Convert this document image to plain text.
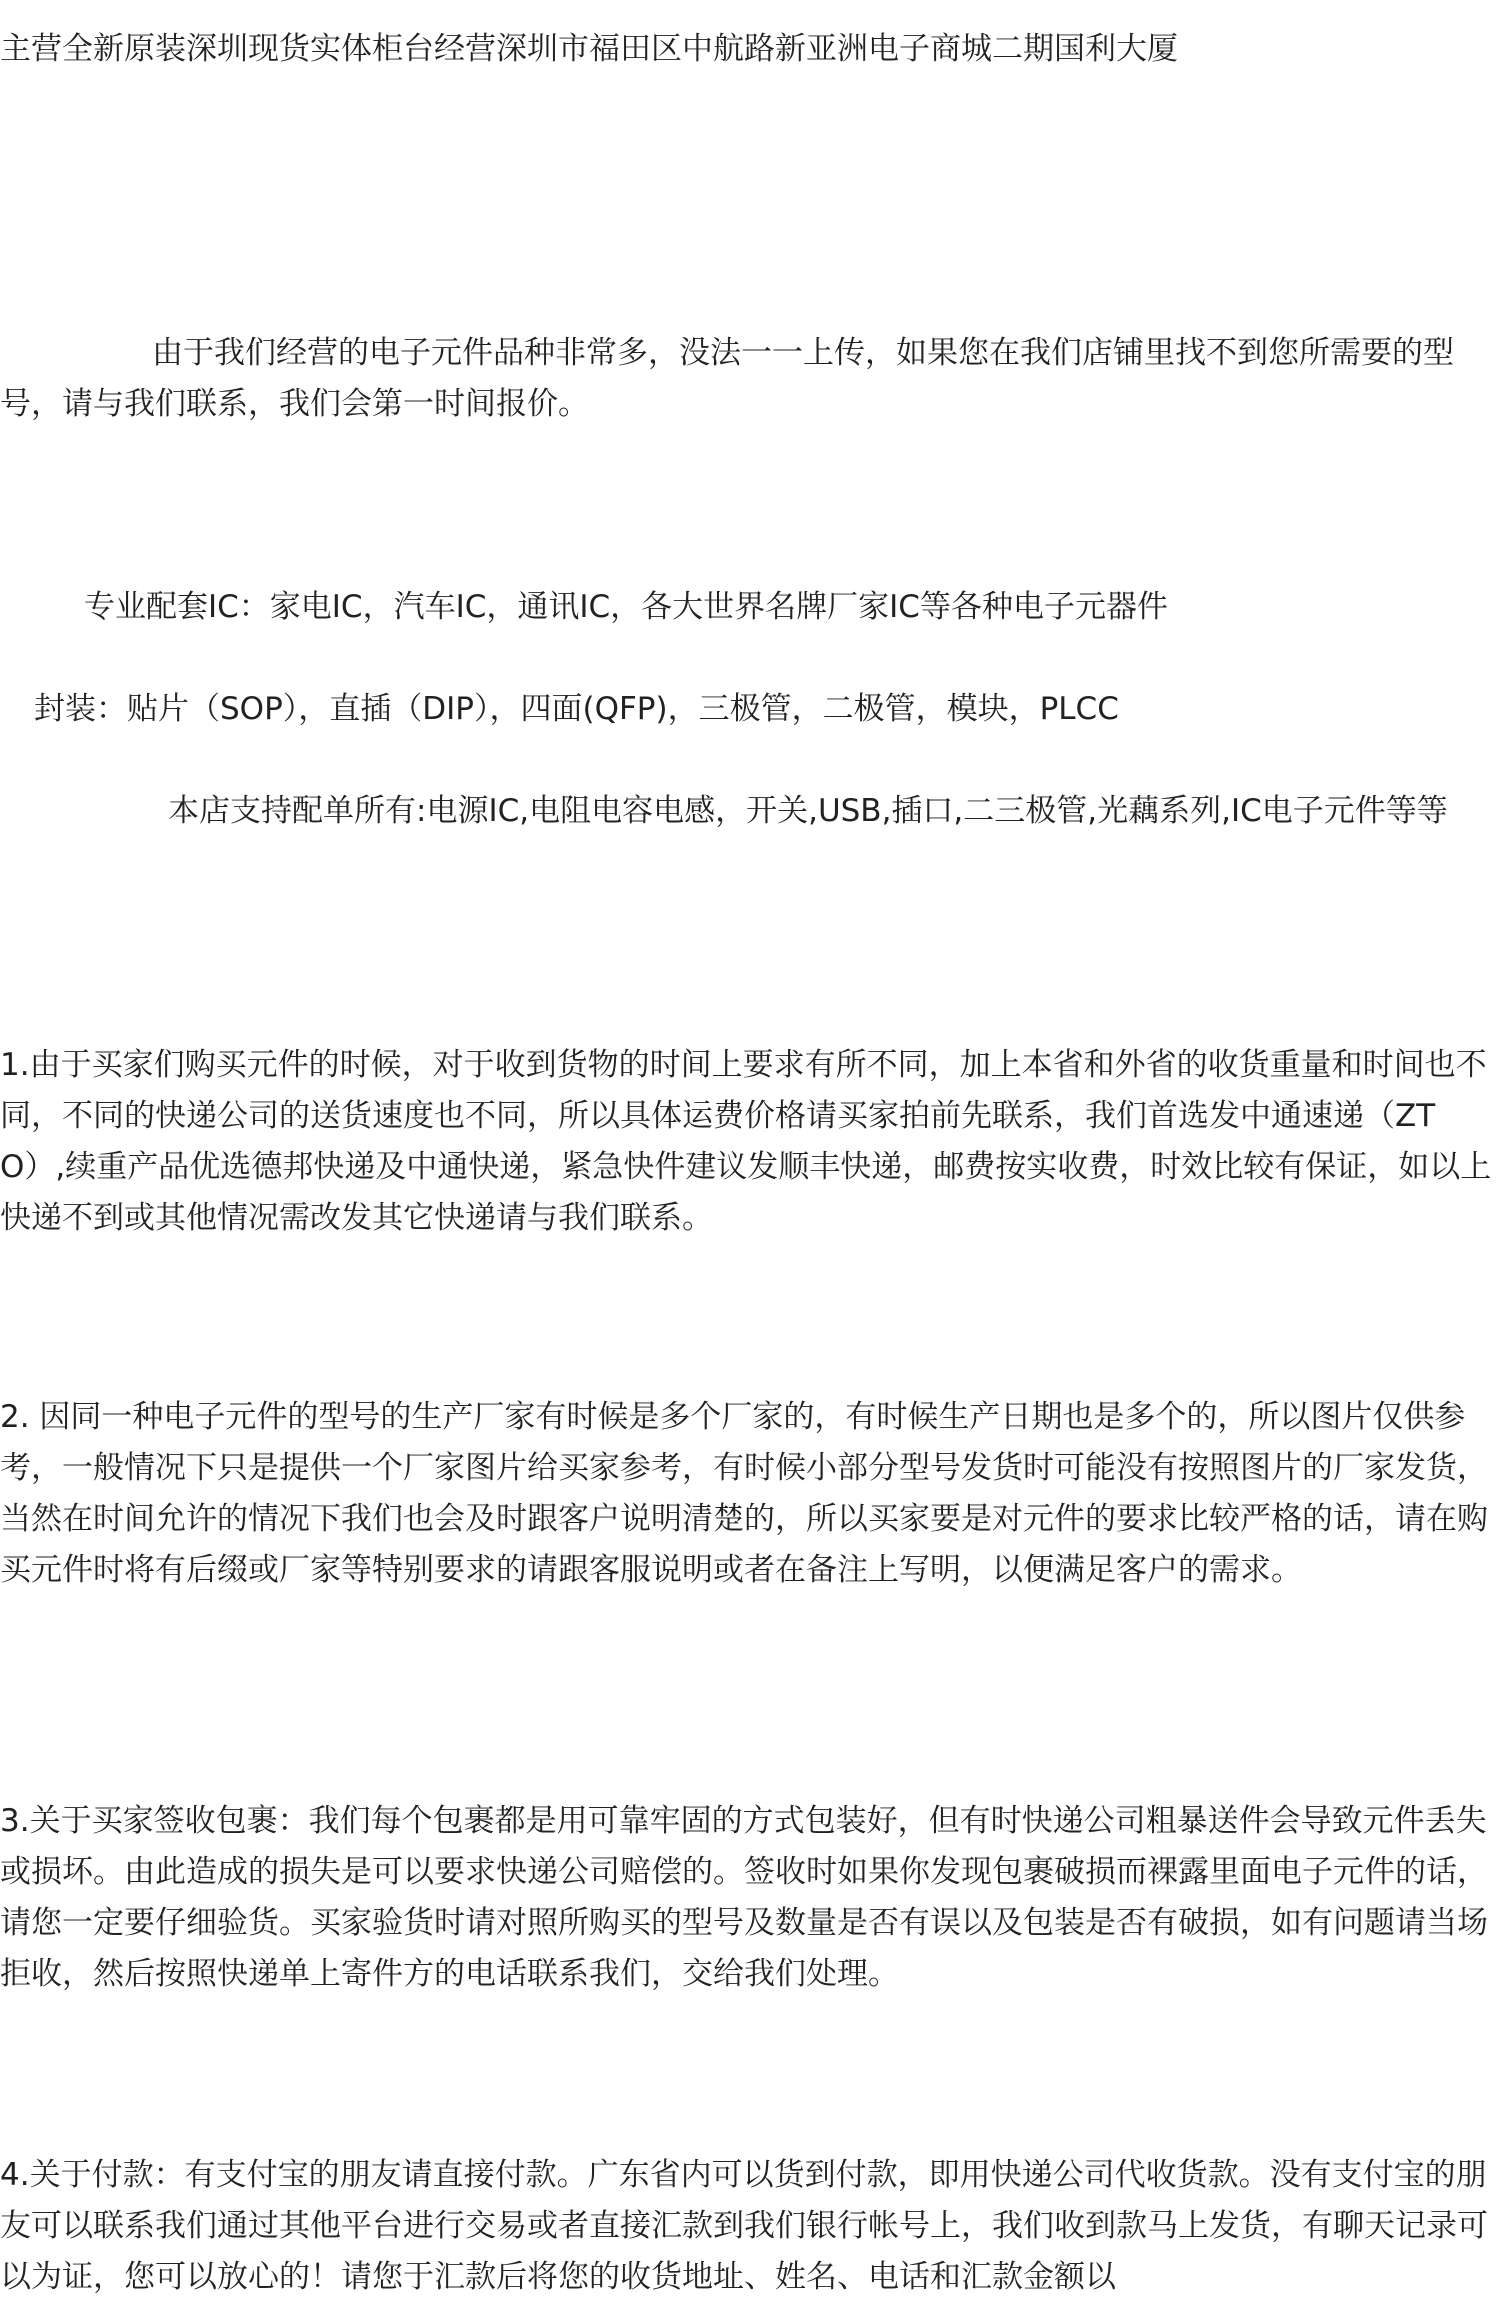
主营全新原装深圳现货实体柜台经营深圳市福田区中航路新亚洲电子商城二期国利大厦

由于我们经营的电子元件品种非常多，没法一一上传，如果您在我们店铺里找不到您所需要的型号，请与我们联系，我们会第一时间报价。

专业配套IC：家电IC，汽车IC，通讯IC，各大世界名牌厂家IC等各种电子元器件

封装：贴片（SOP），直插（DIP），四面(QFP)，三极管，二极管，模块，PLCC

本店支持配单所有:电源IC,电阻电容电感，开关,USB,插口,二三极管,光藕系列,IC电子元件等等

1.由于买家们购买元件的时候，对于收到货物的时间上要求有所不同，加上本省和外省的收货重量和时间也不同，不同的快递公司的送货速度也不同，所以具体运费价格请买家拍前先联系，我们首选发中通速递（ZTO）,续重产品优选德邦快递及中通快递，紧急快件建议发顺丰快递，邮费按实收费，时效比较有保证，如以上快递不到或其他情况需改发其它快递请与我们联系。

2. 因同一种电子元件的型号的生产厂家有时候是多个厂家的，有时候生产日期也是多个的，所以图片仅供参考，一般情况下只是提供一个厂家图片给买家参考，有时候小部分型号发货时可能没有按照图片的厂家发货，当然在时间允许的情况下我们也会及时跟客户说明清楚的，所以买家要是对元件的要求比较严格的话，请在购买元件时将有后缀或厂家等特别要求的请跟客服说明或者在备注上写明，以便满足客户的需求。

3.关于买家签收包裹：我们每个包裹都是用可靠牢固的方式包装好，但有时快递公司粗暴送件会导致元件丢失或损坏。由此造成的损失是可以要求快递公司赔偿的。签收时如果你发现包裹破损而裸露里面电子元件的话，请您一定要仔细验货。买家验货时请对照所购买的型号及数量是否有误以及包装是否有破损，如有问题请当场拒收，然后按照快递单上寄件方的电话联系我们，交给我们处理。

4.关于付款：有支付宝的朋友请直接付款。广东省内可以货到付款，即用快递公司代收货款。没有支付宝的朋友可以联系我们通过其他平台进行交易或者直接汇款到我们银行帐号上，我们收到款马上发货，有聊天记录可以为证，您可以放心的！请您于汇款后将您的收货地址、姓名、电话和汇款金额以
